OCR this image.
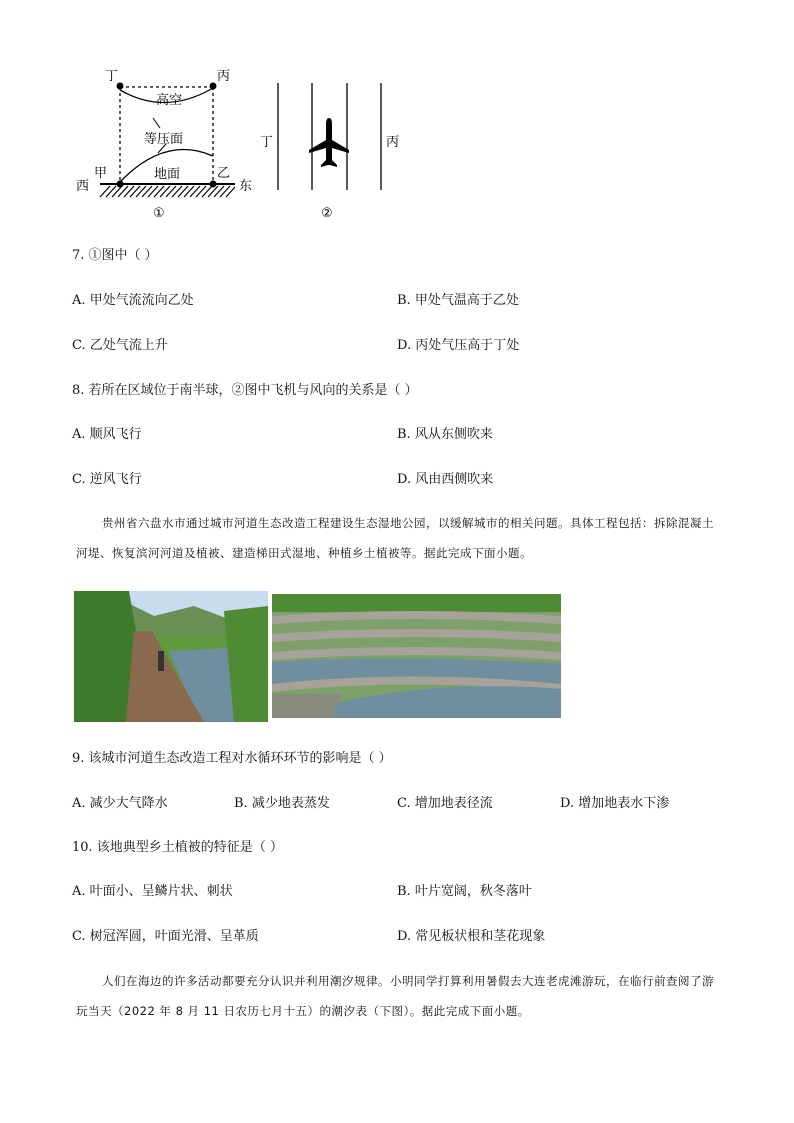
丁	丙
高空
等压面
甲	乙
地面
西	东
①
丁	丙
②
7. ①图中（ ）
A. 甲处气流流向乙处	B. 甲处气温高于乙处
C. 乙处气流上升	D. 丙处气压高于丁处
8. 若所在区域位于南半球，②图中飞机与风向的关系是（ ）
A. 顺风飞行	B. 风从东侧吹来
C. 逆风飞行	D. 风由西侧吹来
贵州省六盘水市通过城市河道生态改造工程建设生态湿地公园，以缓解城市的相关问题。具体工程包括：拆除混凝土河堤、恢复滨河河道及植被、建造梯田式湿地、种植乡土植被等。据此完成下面小题。
9. 该城市河道生态改造工程对水循环环节的影响是（ ）
A. 减少大气降水	B. 减少地表蒸发	C. 增加地表径流	D. 增加地表水下渗
10. 该地典型乡土植被的特征是（ ）
A. 叶面小、呈鳞片状、刺状	B. 叶片宽阔，秋冬落叶
C. 树冠浑圆，叶面光滑、呈革质	D. 常见板状根和茎花现象
人们在海边的许多活动都要充分认识并利用潮汐规律。小明同学打算利用暑假去大连老虎滩游玩，在临行前查阅了游玩当天（2022 年 8 月 11 日农历七月十五）的潮汐表（下图）。据此完成下面小题。
